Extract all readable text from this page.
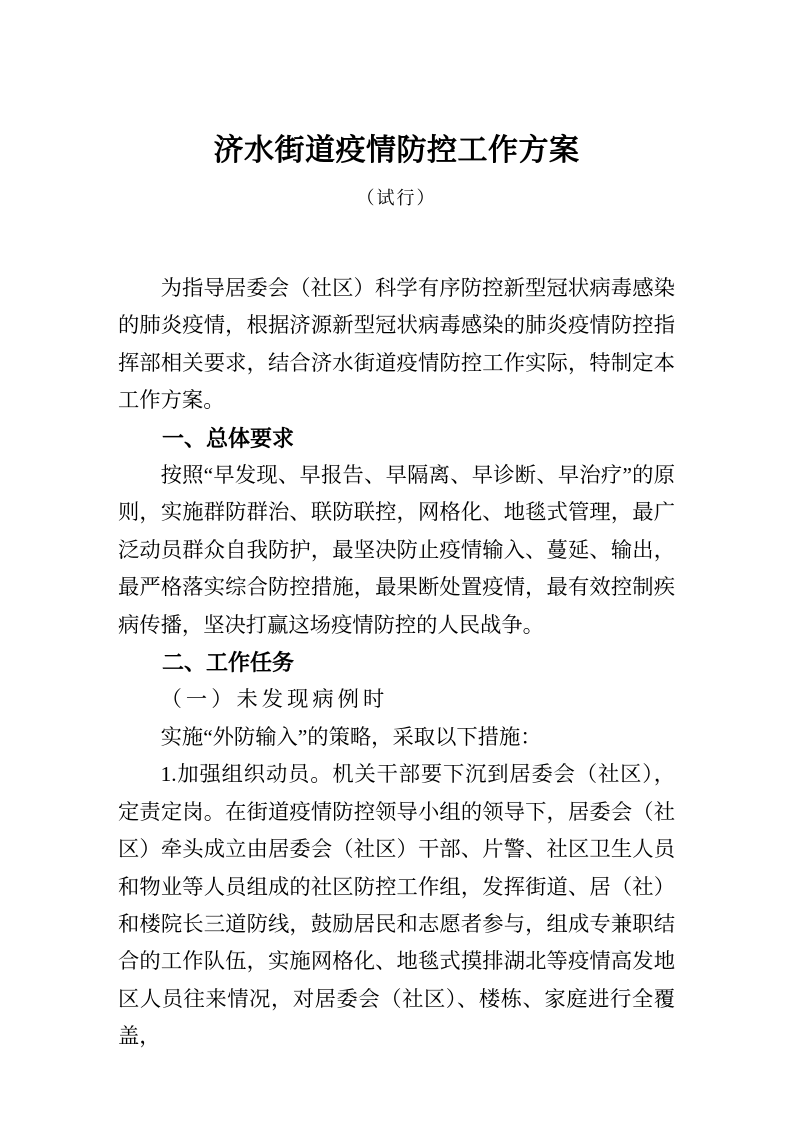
济水街道疫情防控工作方案
（试行）

为指导居委会（社区）科学有序防控新型冠状病毒感染的肺炎疫情，根据济源新型冠状病毒感染的肺炎疫情防控指挥部相关要求，结合济水街道疫情防控工作实际，特制定本工作方案。

一、总体要求

按照“早发现、早报告、早隔离、早诊断、早治疗”的原则，实施群防群治、联防联控，网格化、地毯式管理，最广泛动员群众自我防护，最坚决防止疫情输入、蔓延、输出，最严格落实综合防控措施，最果断处置疫情，最有效控制疾病传播，坚决打赢这场疫情防控的人民战争。

二、工作任务
（一）未发现病例时

实施“外防输入”的策略，采取以下措施：

1.加强组织动员。机关干部要下沉到居委会（社区），定责定岗。在街道疫情防控领导小组的领导下，居委会（社区）牵头成立由居委会（社区）干部、片警、社区卫生人员和物业等人员组成的社区防控工作组，发挥街道、居（社）和楼院长三道防线，鼓励居民和志愿者参与，组成专兼职结合的工作队伍，实施网格化、地毯式摸排湖北等疫情高发地区人员往来情况，对居委会（社区）、楼栋、家庭进行全覆盖，
